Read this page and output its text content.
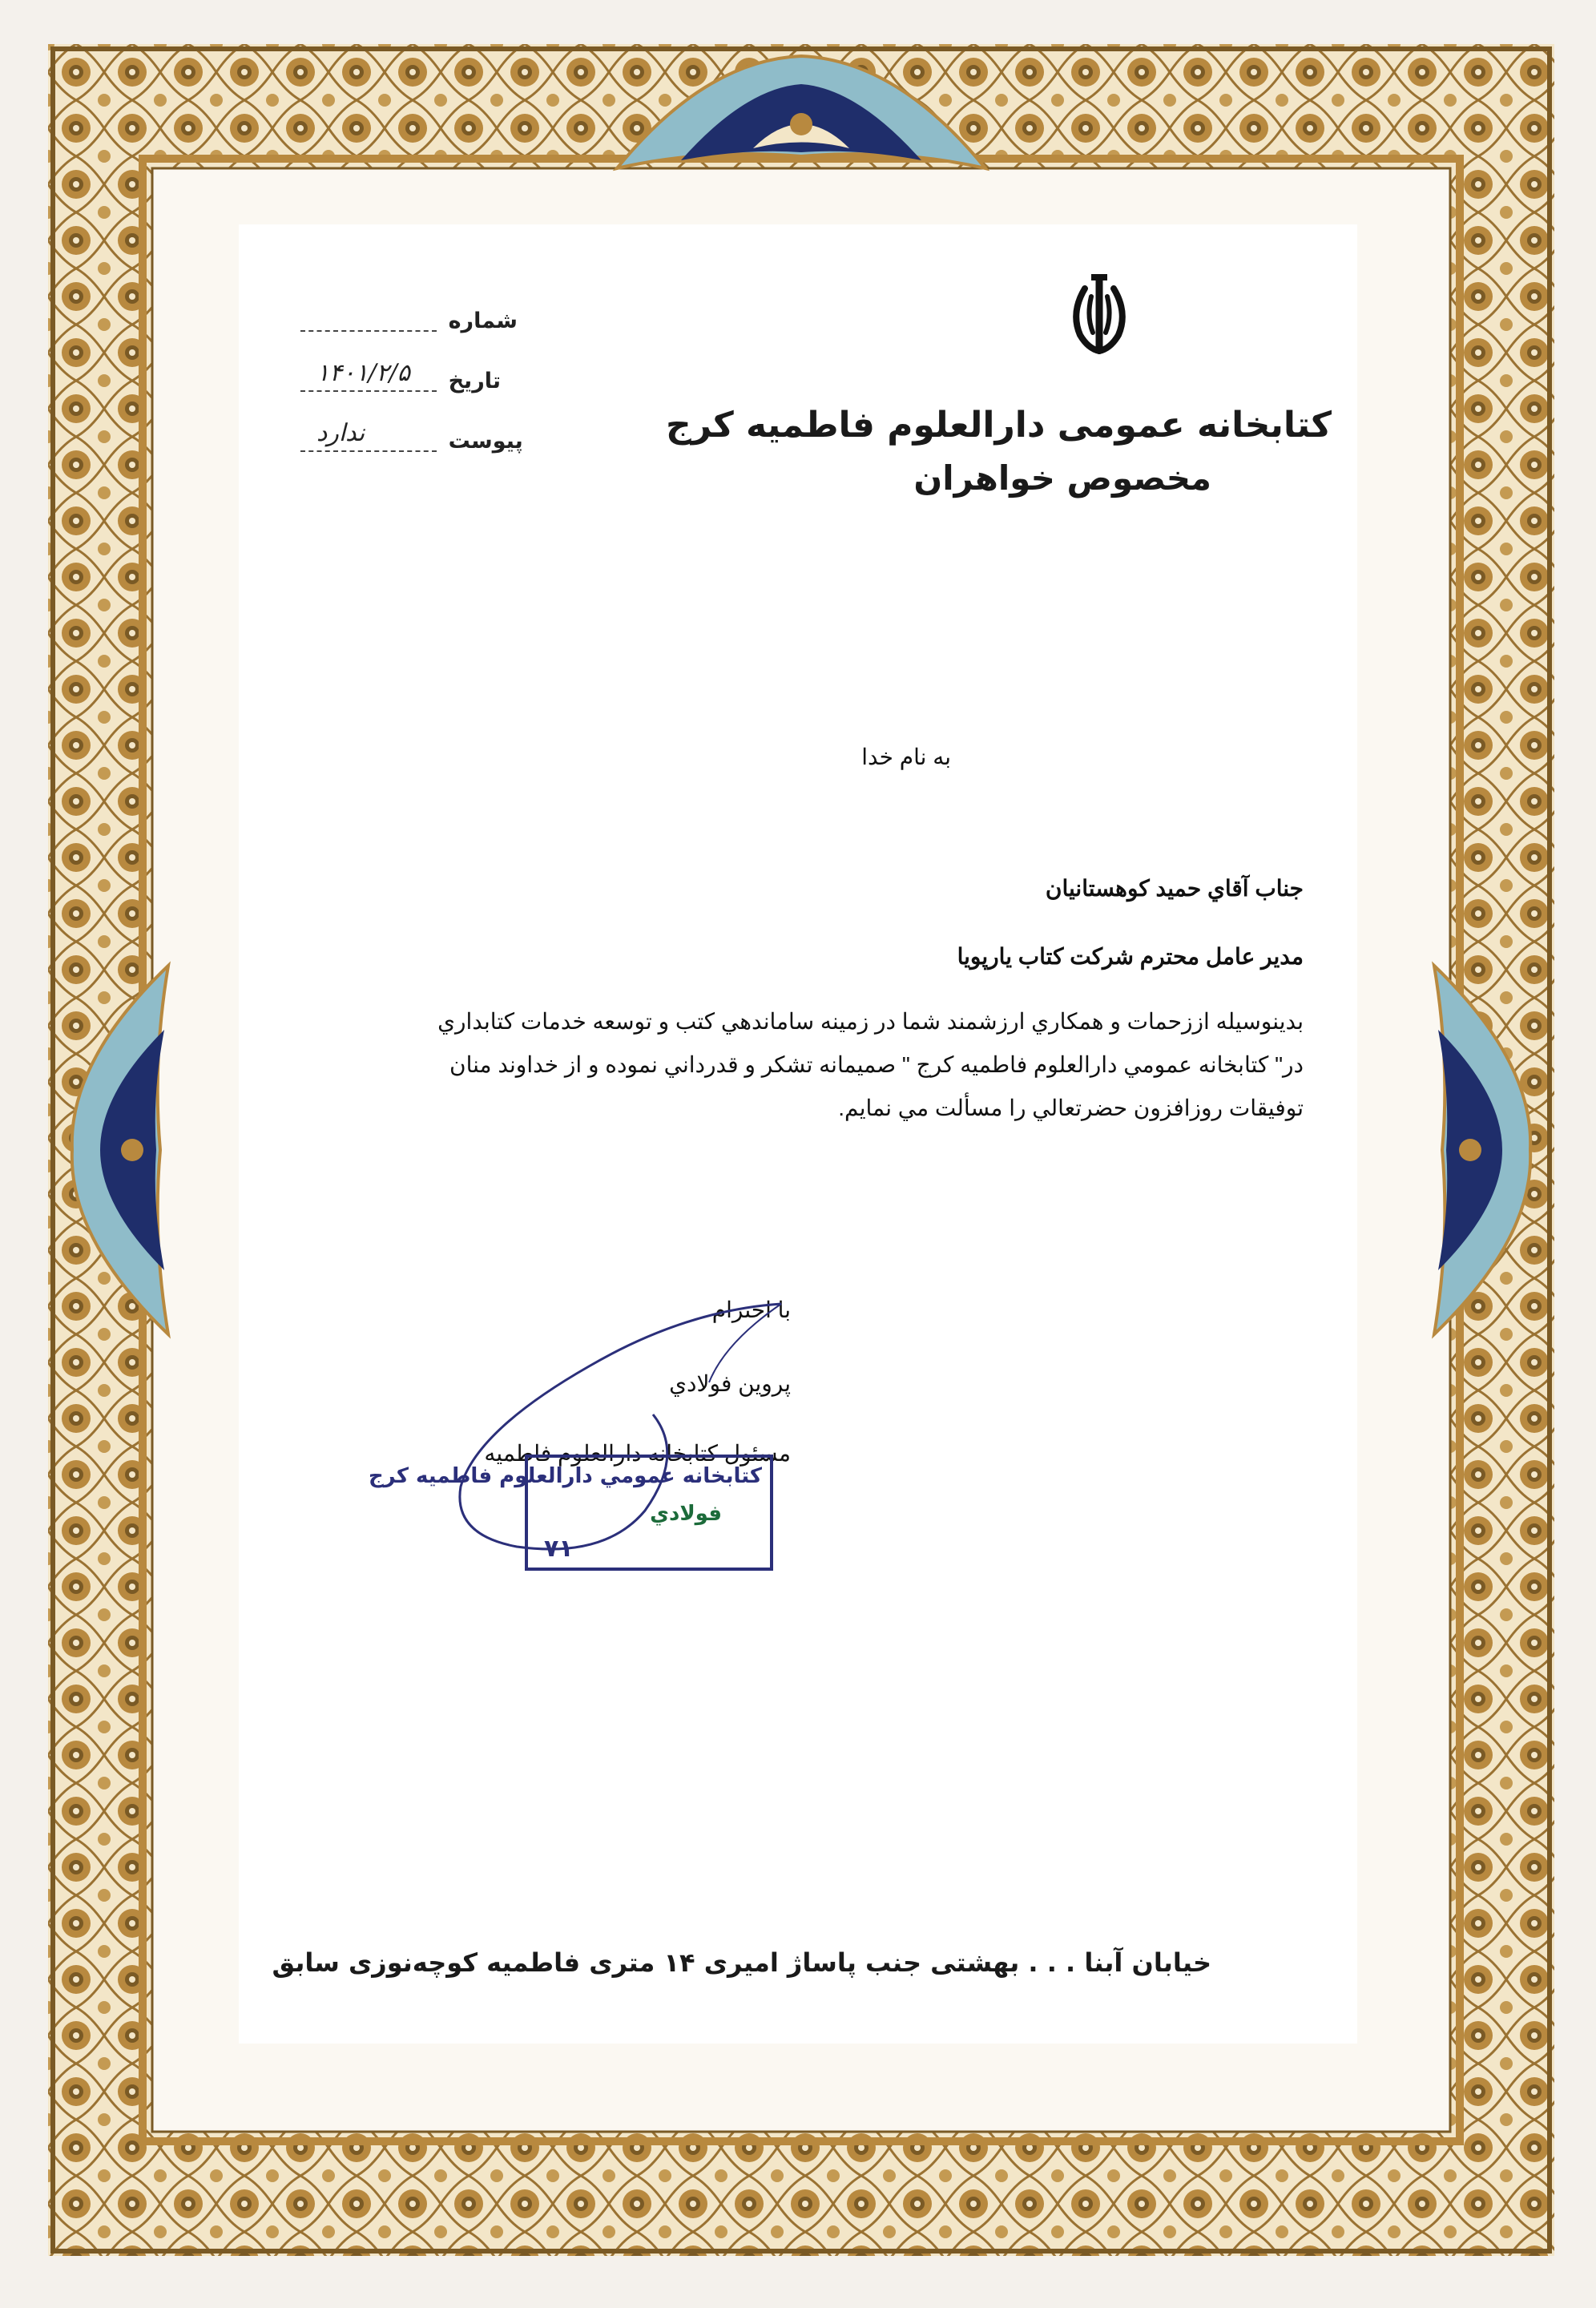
کتابخانه عمومی دارالعلوم فاطمیه کرج
مخصوص خواهران
شماره
تاریخ
۱۴۰۱/۲/۵
پیوست
ندارد
به نام خدا
جناب آقاي حميد كوهستانيان
مدير عامل محترم شركت كتاب يارپويا
بدينوسيله اززحمات و همكاري ارزشمند شما در زمينه ساماندهي كتب و توسعه خدمات كتابداري
در" كتابخانه عمومي دارالعلوم فاطميه كرج " صميمانه تشكر و قدرداني نموده و از خداوند منان
توفيقات روزافزون حضرتعالي را مسألت مي نمايم.
با احترام
پروين فولادي
مسئول كتابخانه دارالعلوم فاطميه
كتابخانه عمومي دارالعلوم فاطميه كرج
فولادي
۷۱
خیابان آبنا . . . بهشتی جنب پاساژ امیری ۱۴ متری فاطمیه کوچه‌نوزی سابق
